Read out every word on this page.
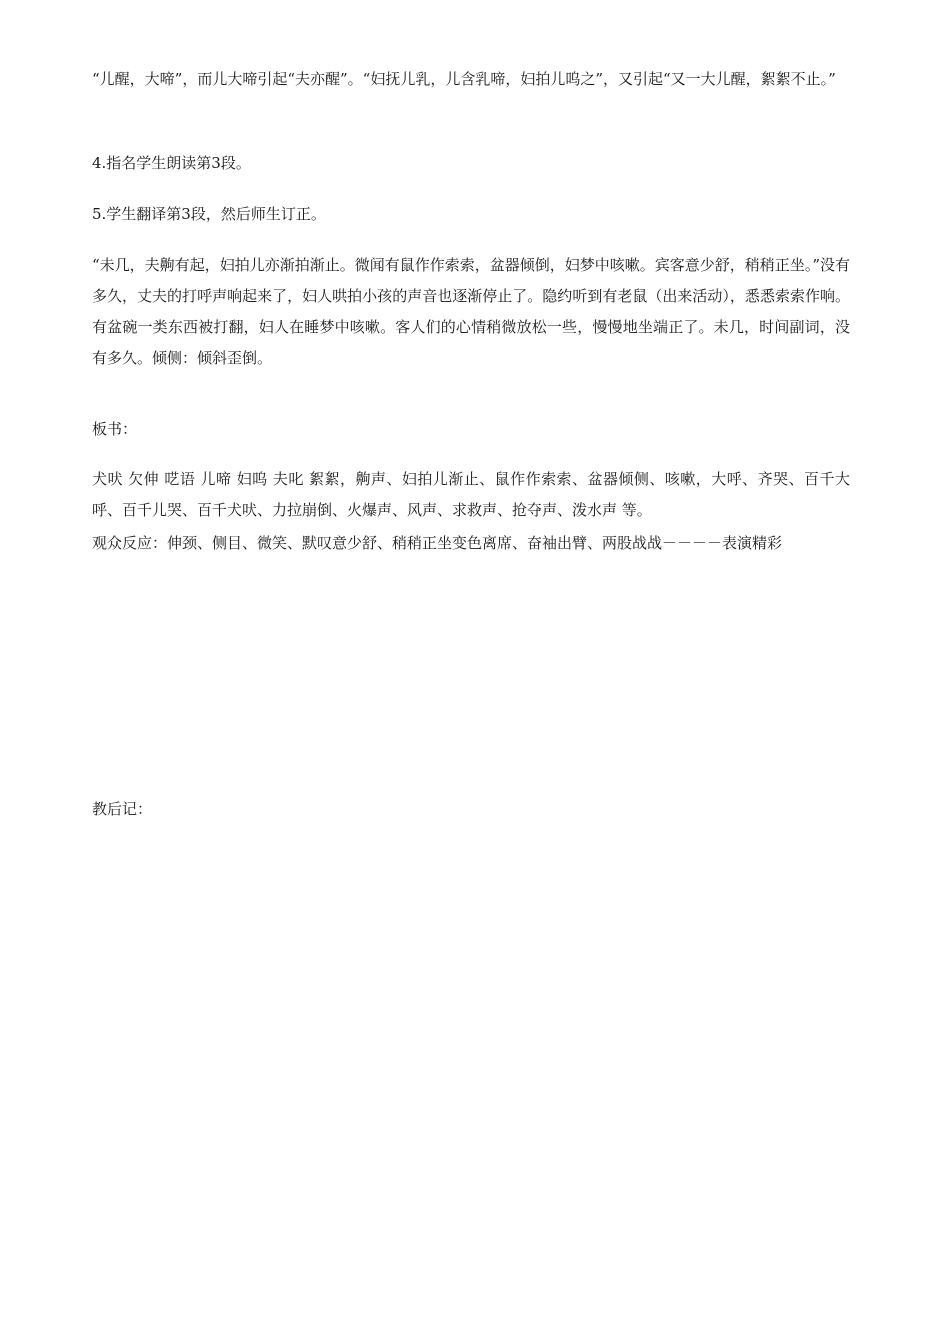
“儿醒，大啼”，而儿大啼引起“夫亦醒”。“妇抚儿乳，儿含乳啼，妇拍儿呜之”，又引起“又一大儿醒，絮絮不止。”

4.指名学生朗读第3段。

5.学生翻译第3段，然后师生订正。

“未几，夫齁有起，妇拍儿亦渐拍渐止。微闻有鼠作作索索，盆器倾倒，妇梦中咳嗽。宾客意少舒，稍稍正坐。”没有多久，丈夫的打呼声响起来了，妇人哄拍小孩的声音也逐渐停止了。隐约听到有老鼠（出来活动），悉悉索索作响。有盆碗一类东西被打翻，妇人在睡梦中咳嗽。客人们的心情稍微放松一些，慢慢地坐端正了。未几，时间副词，没有多久。倾侧：倾斜歪倒。

板书：

犬吠 欠伸 呓语 儿啼 妇呜 夫叱 絮絮，齁声、妇拍儿渐止、鼠作作索索、盆器倾侧、咳嗽，大呼、齐哭、百千大呼、百千儿哭、百千犬吠、力拉崩倒、火爆声、风声、求救声、抢夺声、泼水声 等。

观众反应：伸颈、侧目、微笑、默叹意少舒、稍稍正坐变色离席、奋袖出臂、两股战战－－－－表演精彩

教后记：
